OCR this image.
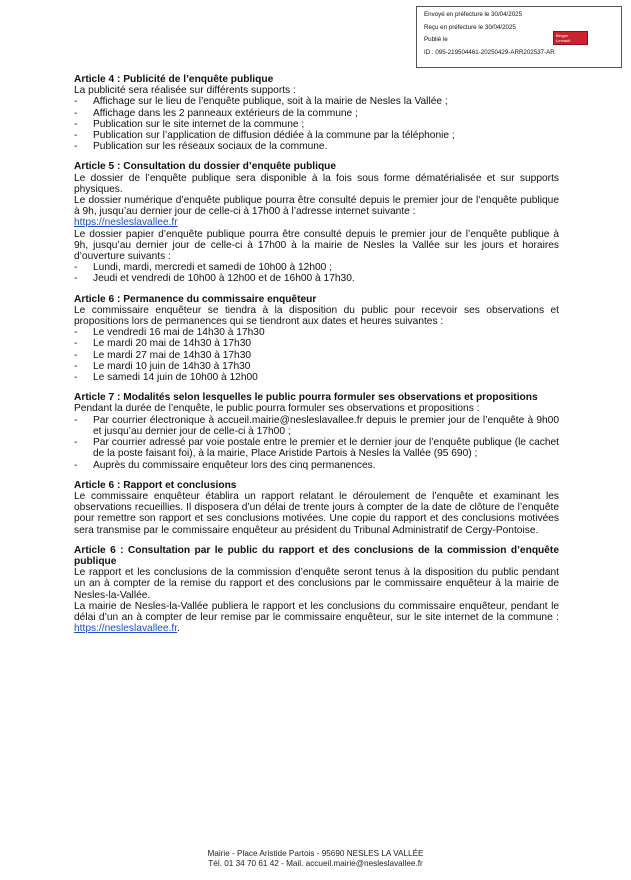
Envoyé en préfecture le 30/04/2025
Reçu en préfecture le 30/04/2025
Publié le
ID : 095-219504461-20250429-ARR202537-AR
Berger
Levrault
Article 4 : Publicité de l’enquête publique
La publicité sera réalisée sur différents supports :
- Affichage sur le lieu de l’enquête publique, soit à la mairie de Nesles la Vallée ;
- Affichage dans les 2 panneaux extérieurs de la commune ;
- Publication sur le site internet de la commune ;
- Publication sur l’application de diffusion dédiée à la commune par la téléphonie ;
- Publication sur les réseaux sociaux de la commune.
Article 5 : Consultation du dossier d’enquête publique
Le dossier de l’enquête publique sera disponible à la fois sous forme dématérialisée et sur supports physiques.
Le dossier numérique d’enquête publique pourra être consulté depuis le premier jour de l’enquête publique à 9h, jusqu’au dernier jour de celle-ci à 17h00 à l’adresse internet suivante :
https://nesleslavallee.fr
Le dossier papier d’enquête publique pourra être consulté depuis le premier jour de l’enquête publique à 9h, jusqu’au dernier jour de celle-ci à 17h00 à la mairie de Nesles la Vallée sur les jours et horaires d’ouverture suivants :
- Lundi, mardi, mercredi et samedi de 10h00 à 12h00 ;
- Jeudi et vendredi de 10h00 à 12h00 et de 16h00 à 17h30.
Article 6 : Permanence du commissaire enquêteur
Le commissaire enquêteur se tiendra à la disposition du public pour recevoir ses observations et propositions lors de permanences qui se tiendront aux dates et heures suivantes :
- Le vendredi 16 mai de 14h30 à 17h30
- Le mardi 20 mai de 14h30 à 17h30
- Le mardi 27 mai de 14h30 à 17h30
- Le mardi 10 juin de 14h30 à 17h30
- Le samedi 14 juin de 10h00 à 12h00
Article 7 : Modalités selon lesquelles le public pourra formuler ses observations et propositions
Pendant la durée de l’enquête, le public pourra formuler ses observations et propositions :
- Par courrier électronique à accueil.mairie@nesleslavallee.fr depuis le premier jour de l’enquête à 9h00 et jusqu’au dernier jour de celle-ci à 17h00 ;
- Par courrier adressé par voie postale entre le premier et le dernier jour de l’enquête publique (le cachet de la poste faisant foi), à la mairie, Place Aristide Partois à Nesles la Vallée (95 690) ;
- Auprès du commissaire enquêteur lors des cinq permanences.
Article 6 : Rapport et conclusions
Le commissaire enquêteur établira un rapport relatant le déroulement de l’enquête et examinant les observations recueillies. Il disposera d’un délai de trente jours à compter de la date de clôture de l’enquête pour remettre son rapport et ses conclusions motivées. Une copie du rapport et des conclusions motivées sera transmise par le commissaire enquêteur au président du Tribunal Administratif de Cergy-Pontoise.
Article 6 : Consultation par le public du rapport et des conclusions de la commission d’enquête publique
Le rapport et les conclusions de la commission d’enquête seront tenus à la disposition du public pendant un an à compter de la remise du rapport et des conclusions par le commissaire enquêteur à la mairie de Nesles-la-Vallée.
La mairie de Nesles-la-Vallée publiera le rapport et les conclusions du commissaire enquêteur, pendant le délai d’un an à compter de leur remise par le commissaire enquêteur, sur le site internet de la commune : https://nesleslavallee.fr.
Mairie - Place Aristide Partois - 95690 NESLES LA VALLÉE
Tél. 01 34 70 61 42 - Mail. accueil.mairie@nesleslavallee.fr
